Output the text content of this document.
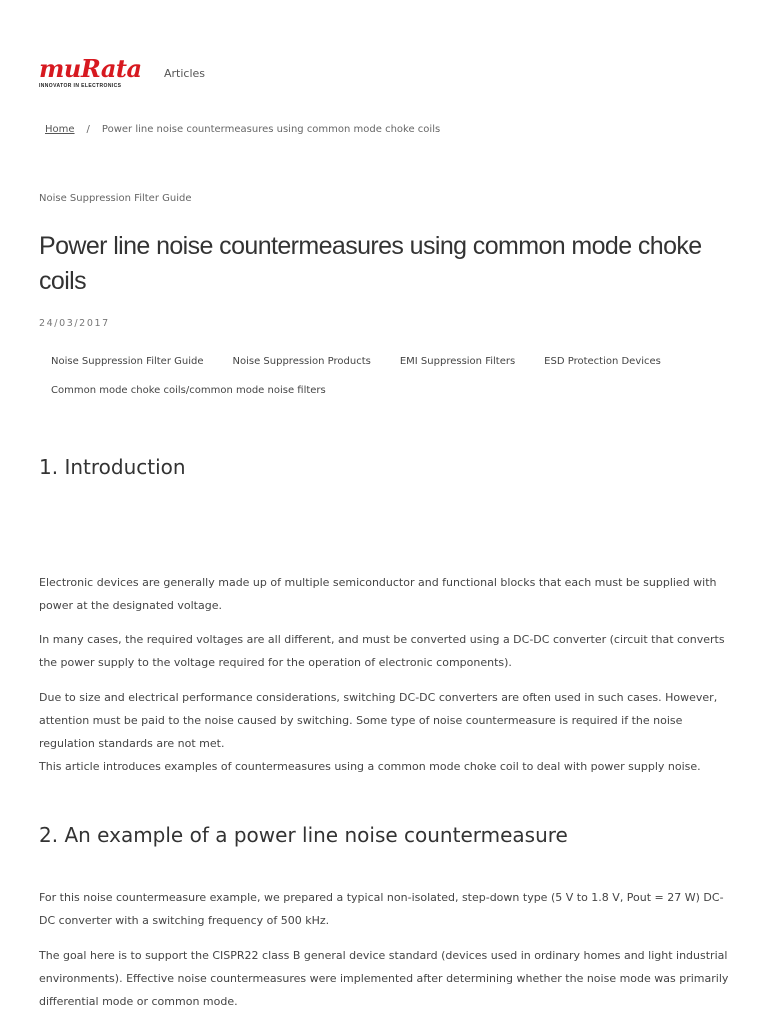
muRata
INNOVATOR IN ELECTRONICS
Articles
Home / Power line noise countermeasures using common mode choke coils
Noise Suppression Filter Guide
Power line noise countermeasures using common mode choke coils
24/03/2017
Noise Suppression Filter Guide	Noise Suppression Products	EMI Suppression Filters	ESD Protection Devices
Common mode choke coils/common mode noise filters
1. Introduction

Electronic devices are generally made up of multiple semiconductor and functional blocks that each must be supplied with power at the designated voltage.

In many cases, the required voltages are all different, and must be converted using a DC-DC converter (circuit that converts the power supply to the voltage required for the operation of electronic components).

Due to size and electrical performance considerations, switching DC-DC converters are often used in such cases. However, attention must be paid to the noise caused by switching. Some type of noise countermeasure is required if the noise regulation standards are not met.

This article introduces examples of countermeasures using a common mode choke coil to deal with power supply noise.

2. An example of a power line noise countermeasure

For this noise countermeasure example, we prepared a typical non-isolated, step-down type (5 V to 1.8 V, Pout = 27 W) DC-DC converter with a switching frequency of 500 kHz.

The goal here is to support the CISPR22 class B general device standard (devices used in ordinary homes and light industrial environments). Effective noise countermeasures were implemented after determining whether the noise mode was primarily differential mode or common mode.
